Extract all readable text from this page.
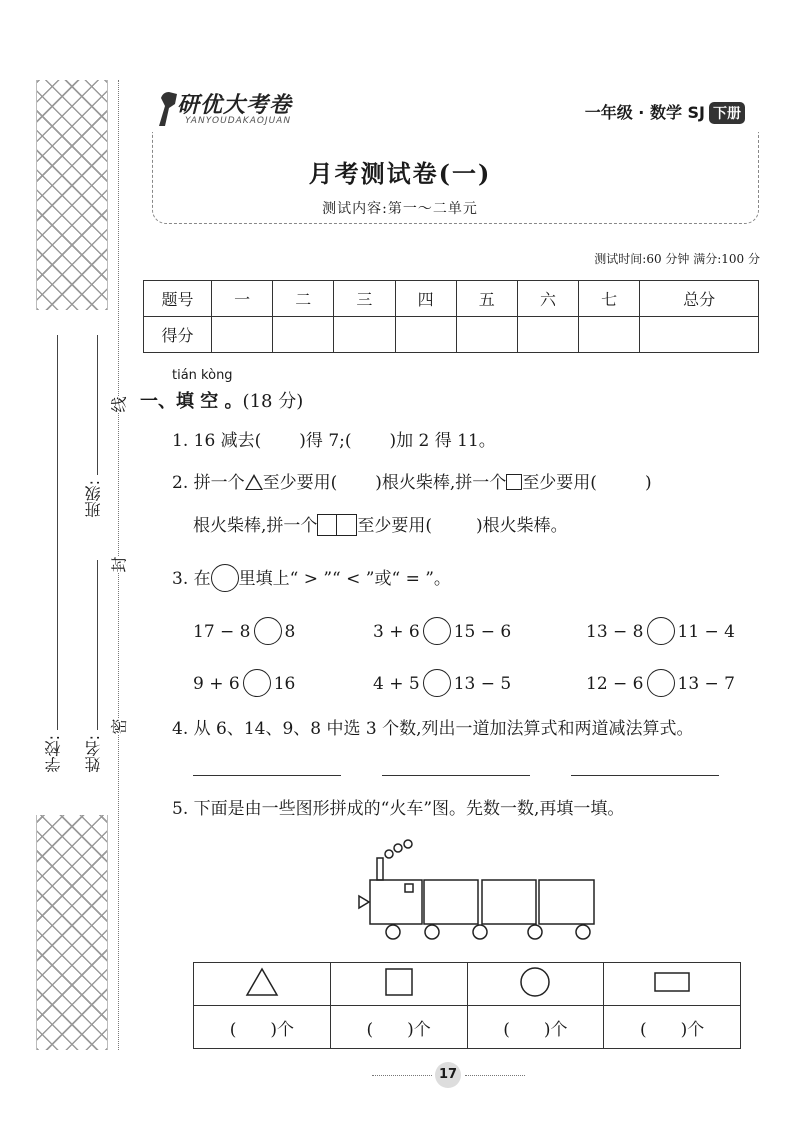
学校:
班级:
姓名:
线
封
密
研优大考卷
YANYOUDAKAOJUAN	一年级 · 数学 SJ 下册
月考测试卷(一)
测试内容:第一～二单元
测试时间:60 分钟 满分:100 分
题号	一	二	三	四	五	六	七	总分
得分								
tián kòng
一、填 空 。(18 分)
1. 16 减去( )得 7;( )加 2 得 11。
2. 拼一个 至少要用( )根火柴棒,拼一个 至少要用(	)
根火柴棒,拼一个 至少要用(	)根火柴棒。
3. 在 里填上“ > ”“ < ”或“ = ”。
17 − 8 8	3 + 6 15 − 6	13 − 8 11 − 4
9 + 6 16	4 + 5 13 − 5	12 − 6 13 − 7
4. 从 6、14、9、8 中选 3 个数,列出一道加法算式和两道减法算式。
5. 下面是由一些图形拼成的“火车”图。先数一数,再填一填。

(　　)个	(　　)个	(　　)个	(　　)个
17
